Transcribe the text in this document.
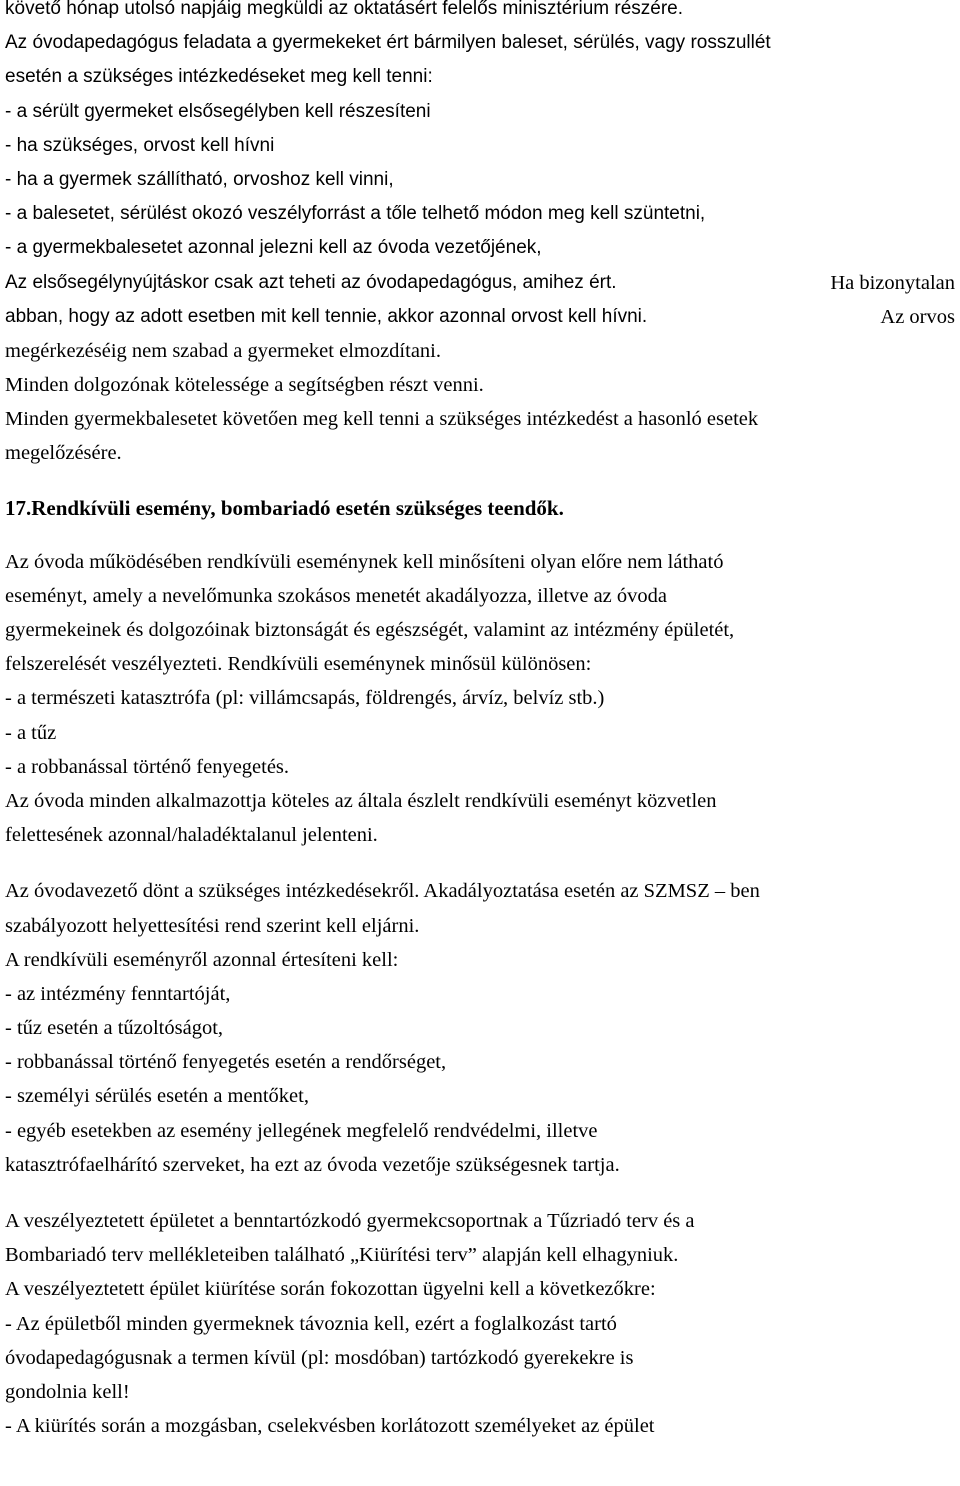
követő hónap utolsó napjáig megküldi az oktatásért felelős minisztérium részére.
Az óvodapedagógus feladata a gyermekeket ért bármilyen baleset, sérülés, vagy rosszullét
esetén a szükséges intézkedéseket meg kell tenni:
- a sérült gyermeket elsősegélyben kell részesíteni
- ha szükséges, orvost kell hívni
- ha a gyermek szállítható, orvoshoz kell vinni,
- a balesetet, sérülést okozó veszélyforrást a tőle telhető módon meg kell szüntetni,
- a gyermekbalesetet azonnal jelezni kell az óvoda vezetőjének,
Az elsősegélynyújtáskor csak azt teheti az óvodapedagógus, amihez ért.	Ha bizonytalan
abban, hogy az adott esetben mit kell tennie, akkor azonnal orvost kell hívni.	Az orvos
megérkezéséig nem szabad a gyermeket elmozdítani.
Minden dolgozónak kötelessége a segítségben részt venni.
Minden gyermekbalesetet követően meg kell tenni a szükséges intézkedést a hasonló esetek
megelőzésére.
17.Rendkívüli esemény, bombariadó esetén szükséges teendők.
Az óvoda működésében rendkívüli eseménynek kell minősíteni olyan előre nem látható
eseményt, amely a nevelőmunka szokásos menetét akadályozza, illetve az óvoda
gyermekeinek és dolgozóinak biztonságát és egészségét, valamint az intézmény épületét,
felszerelését veszélyezteti. Rendkívüli eseménynek minősül különösen:
- a természeti katasztrófa (pl: villámcsapás, földrengés, árvíz, belvíz stb.)
- a tűz
- a robbanással történő fenyegetés.
Az óvoda minden alkalmazottja köteles az általa észlelt rendkívüli eseményt közvetlen
felettesének azonnal/haladéktalanul jelenteni.
Az óvodavezető dönt a szükséges intézkedésekről. Akadályoztatása esetén az SZMSZ – ben
szabályozott helyettesítési rend szerint kell eljárni.
A rendkívüli eseményről azonnal értesíteni kell:
- az intézmény fenntartóját,
- tűz esetén a tűzoltóságot,
- robbanással történő fenyegetés esetén a rendőrséget,
- személyi sérülés esetén a mentőket,
- egyéb esetekben az esemény jellegének megfelelő rendvédelmi, illetve
katasztrófaelhárító szerveket, ha ezt az óvoda vezetője szükségesnek tartja.
A veszélyeztetett épületet a benntartózkodó gyermekcsoportnak a Tűzriadó terv és a
Bombariadó terv mellékleteiben található „Kiürítési terv” alapján kell elhagyniuk.
A veszélyeztetett épület kiürítése során fokozottan ügyelni kell a következőkre:
- Az épületből minden gyermeknek távoznia kell, ezért a foglalkozást tartó
óvodapedagógusnak a termen kívül (pl: mosdóban) tartózkodó gyerekekre is
gondolnia kell!
- A kiürítés során a mozgásban, cselekvésben korlátozott személyeket az épület
